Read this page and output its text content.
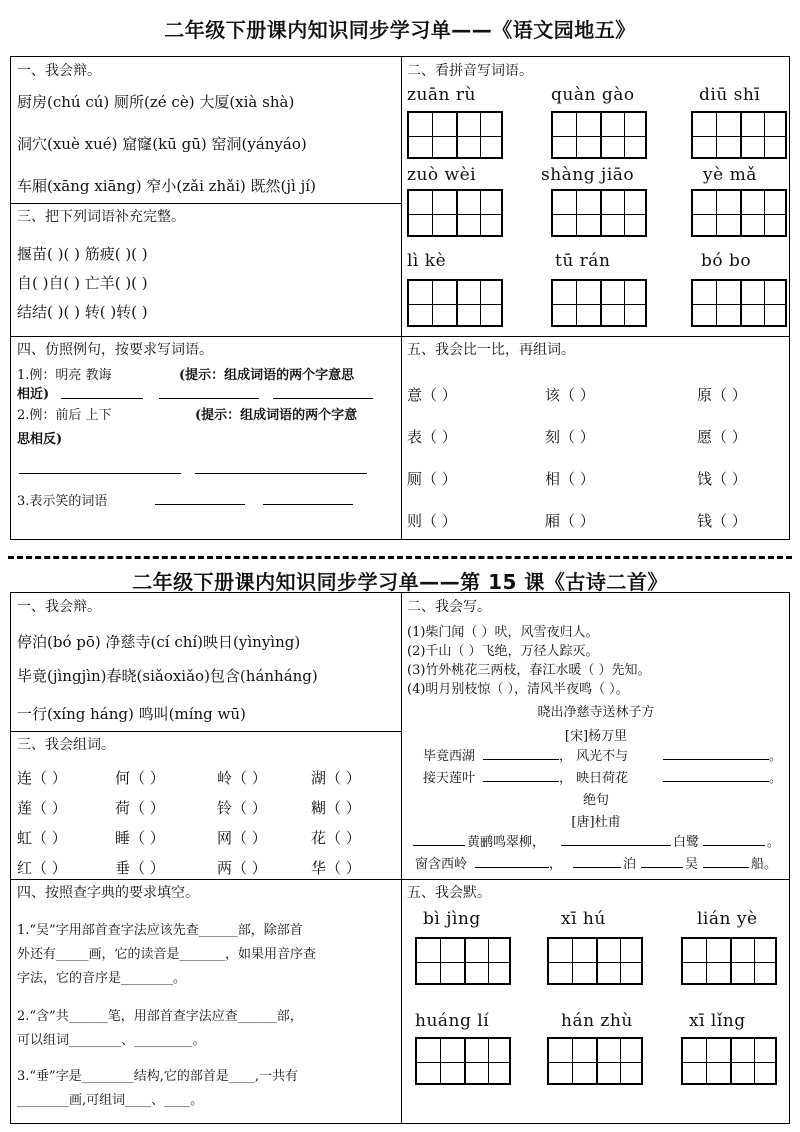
二年级下册课内知识同步学习单——《语文园地五》
一、我会辩。
厨房(chú cú) 厕所(zé cè) 大厦(xià shà)
洞穴(xuè xué) 窟窿(kū gū) 窑洞(yányáo)
车厢(xāng xiāng) 窄小(zǎi zhǎi) 既然(jì jí)
三、把下列词语补充完整。
揠苗( )( ) 筋疲( )( )
自( )自( ) 亡羊( )( )
结结( )( ) 转( )转( )
四、仿照例句，按要求写词语。
1.例：明亮 教诲	(提示：组成词语的两个字意思
相近)
2.例：前后 上下	(提示：组成词语的两个字意
思相反)
3.表示笑的词语
二、看拼音写词语。
zuān rù	quàn gào	diū shī
zuò wèi	shàng jiāo	yè mǎ
lì kè	tū rán	bó bo
五、我会比一比，再组词。
意（ ）	该（ ）	原（ ）
表（ ）	刻（ ）	愿（ ）
厕（ ）	相（ ）	饯（ ）
则（ ）	厢（ ）	钱（ ）
二年级下册课内知识同步学习单——第 15 课《古诗二首》
一、我会辩。
停泊(bó pō) 净慈寺(cí chí)映日(yìnyìng)
毕竟(jìngjìn)春晓(siǎoxiǎo)包含(hánháng)
一行(xíng háng) 鸣叫(míng wū)
三、我会组词。
连（ ）	何（ ）	岭（ ）	湖（ ）
莲（ ）	荷（ ）	铃（ ）	糊（ ）
虹（ ）	睡（ ）	网（ ）	花（ ）
红（ ）	垂（ ）	两（ ）	华（ ）
四、按照查字典的要求填空。
1.“吴”字用部首查字法应该先查______部，除部首
外还有_____画，它的读音是_______，如果用音序查
字法，它的音序是________。
2.“含”共______笔，用部首查字法应查______部，
可以组词________、_________。
3.“垂”字是________结构,它的部首是____,一共有
________画,可组词____、____。
二、我会写。
(1)柴门闻（ ）吠，风雪夜归人。
(2)千山（ ）飞绝，万径人踪灭。
(3)竹外桃花三两枝，春江水暖（ ）先知。
(4)明月别枝惊（ ），清风半夜鸣（ ）。
晓出净慈寺送林子方
[宋]杨万里
毕竟西湖	， 风光不与	。
接天莲叶	， 映日荷花	。
绝句
[唐]杜甫
黄鹂鸣翠柳，	白鹭	。
窗含西岭	，	泊	吴	船。
五、我会默。
bì jìng	xī hú	lián yè
huáng lí	hán zhù	xī lǐng
